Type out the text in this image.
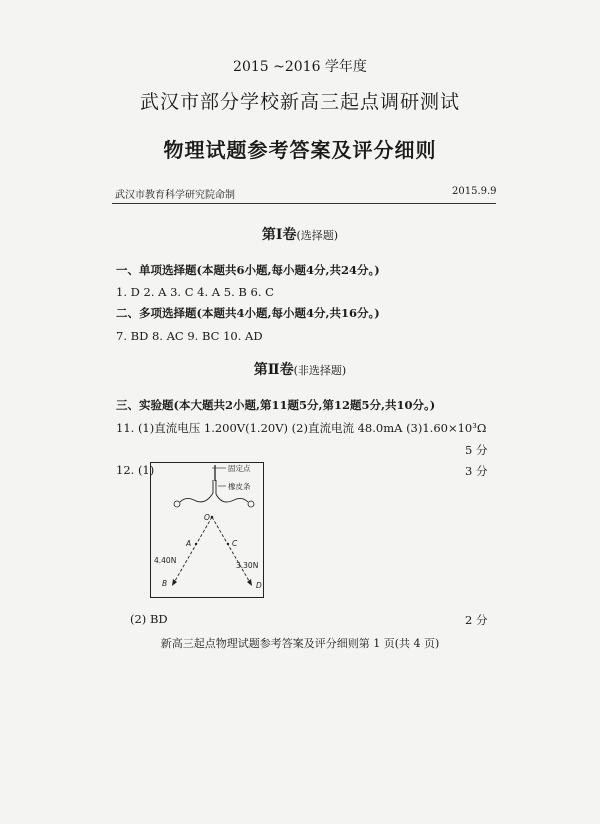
2015 ~2016 学年度
武汉市部分学校新高三起点调研测试
物理试题参考答案及评分细则
武汉市教育科学研究院命制	2015.9.9
第Ⅰ卷(选择题)
一、单项选择题(本题共6小题,每小题4分,共24分。)
1. D 2. A 3. C 4. A 5. B 6. C
二、多项选择题(本题共4小题,每小题4分,共16分。)
7. BD 8. AC 9. BC 10. AD
第Ⅱ卷(非选择题)
三、实验题(本大题共2小题,第11题5分,第12题5分,共10分。)
11. (1)直流电压 1.200V(1.20V) (2)直流电流 48.0mA (3)1.60×10³Ω
5 分
12. (1)	3 分
固定点
橡皮条
O
A	C
B	D
4.40N
3.30N
(2) BD	2 分
新高三起点物理试题参考答案及评分细则第 1 页(共 4 页)
